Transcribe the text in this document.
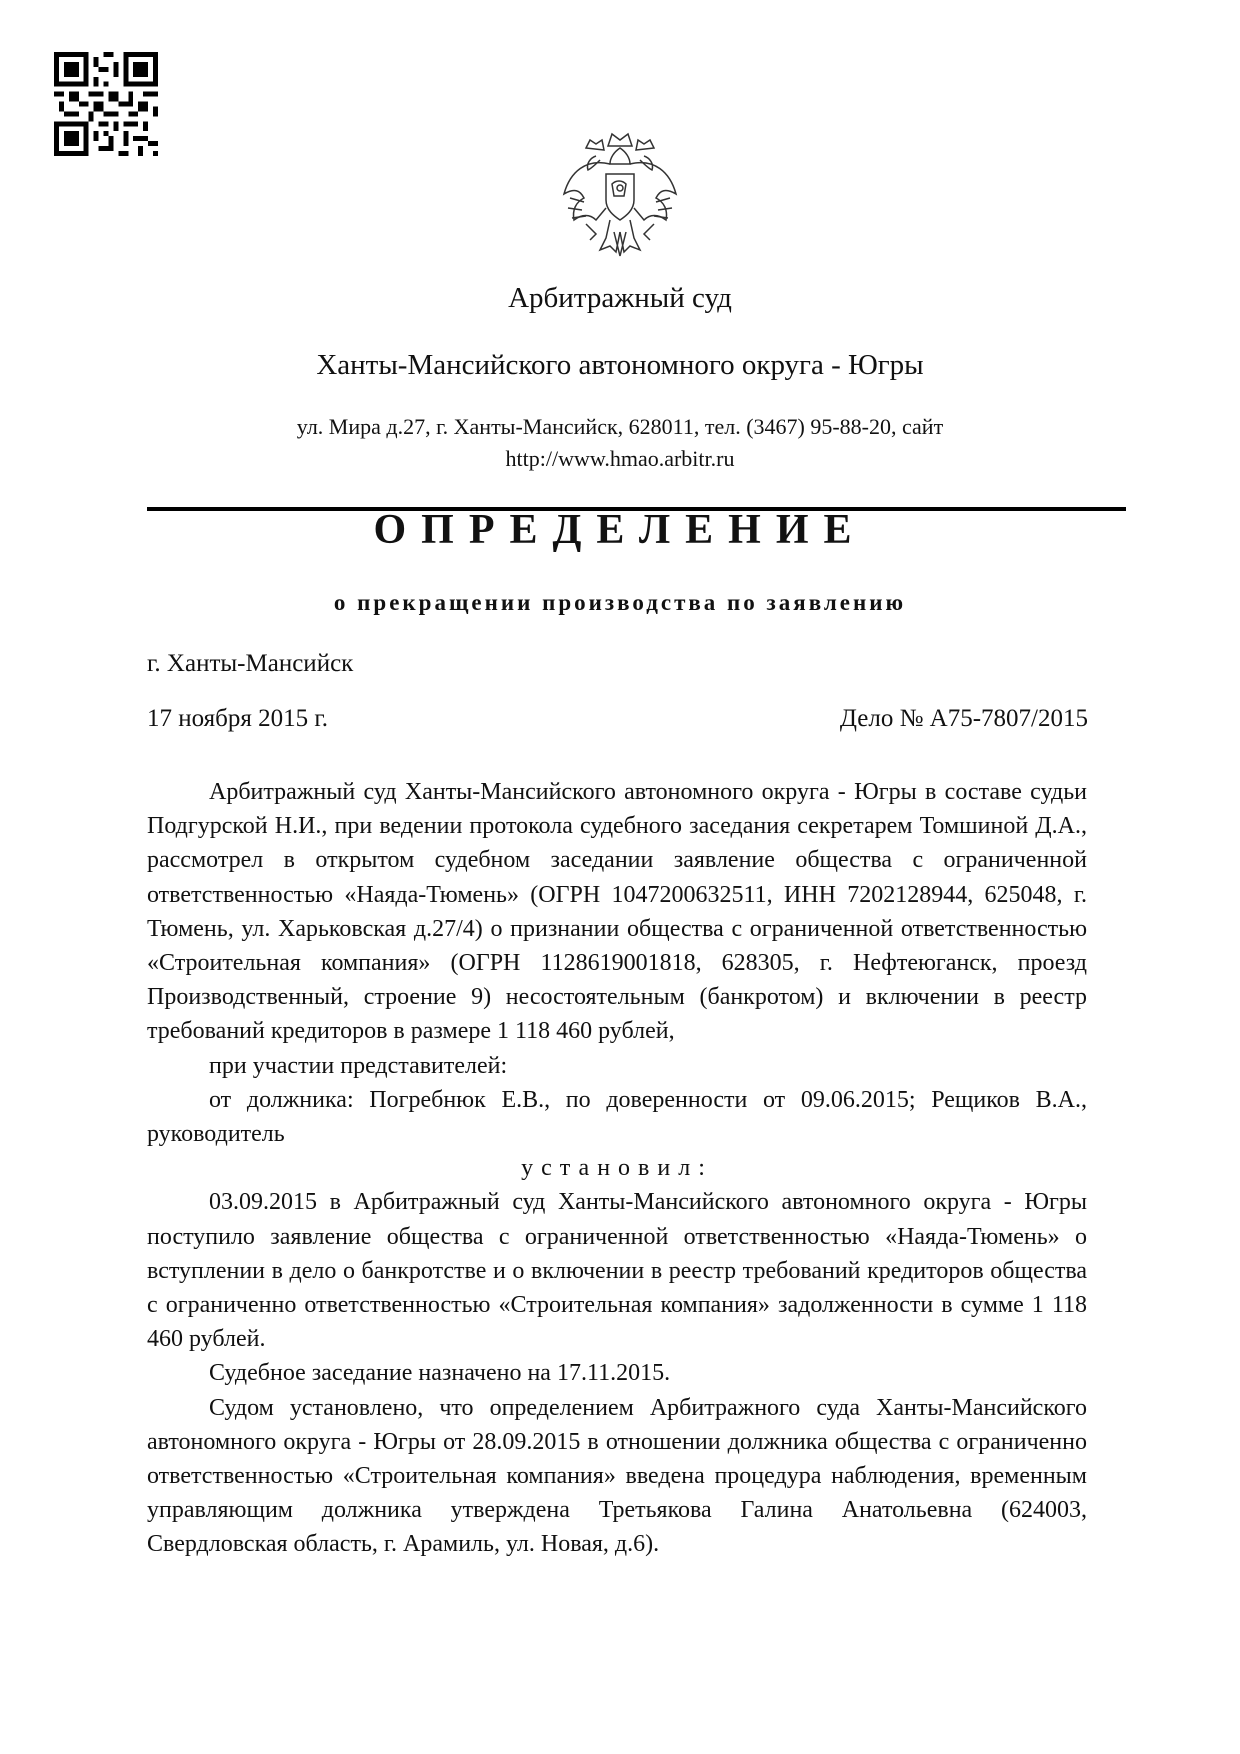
Арбитражный суд
Ханты-Мансийского автономного округа - Югры
ул. Мира д.27, г. Ханты-Мансийск, 628011, тел. (3467) 95-88-20, сайт
http://www.hmao.arbitr.ru
ОПРЕДЕЛЕНИЕ
о прекращении производства по заявлению
г. Ханты-Мансийск
17 ноября 2015 г.	Дело № А75-7807/2015

Арбитражный суд Ханты-Мансийского автономного округа - Югры в составе судьи Подгурской Н.И., при ведении протокола судебного заседания секретарем Томшиной Д.А., рассмотрел в открытом судебном заседании заявление общества с ограниченной ответственностью «Наяда-Тюмень» (ОГРН 1047200632511, ИНН 7202128944, 625048, г. Тюмень, ул. Харьковская д.27/4) о признании общества с ограниченной ответственностью «Строительная компания» (ОГРН 1128619001818, 628305, г. Нефтеюганск, проезд Производственный, строение 9) несостоятельным (банкротом) и включении в реестр требований кредиторов в размере 1 118 460 рублей,

при участии представителей:

от должника: Погребнюк Е.В., по доверенности от 09.06.2015; Рещиков В.А., руководитель

установил:

03.09.2015 в Арбитражный суд Ханты-Мансийского автономного округа - Югры поступило заявление общества с ограниченной ответственностью «Наяда-Тюмень» о вступлении в дело о банкротстве и о включении в реестр требований кредиторов общества с ограниченно ответственностью «Строительная компания» задолженности в сумме 1 118 460 рублей.

Судебное заседание назначено на 17.11.2015.

Судом установлено, что определением Арбитражного суда Ханты-Мансийского автономного округа - Югры от 28.09.2015 в отношении должника общества с ограниченно ответственностью «Строительная компания» введена процедура наблюдения, временным управляющим должника утверждена Третьякова Галина Анатольевна (624003, Свердловская область, г. Арамиль, ул. Новая, д.6).
